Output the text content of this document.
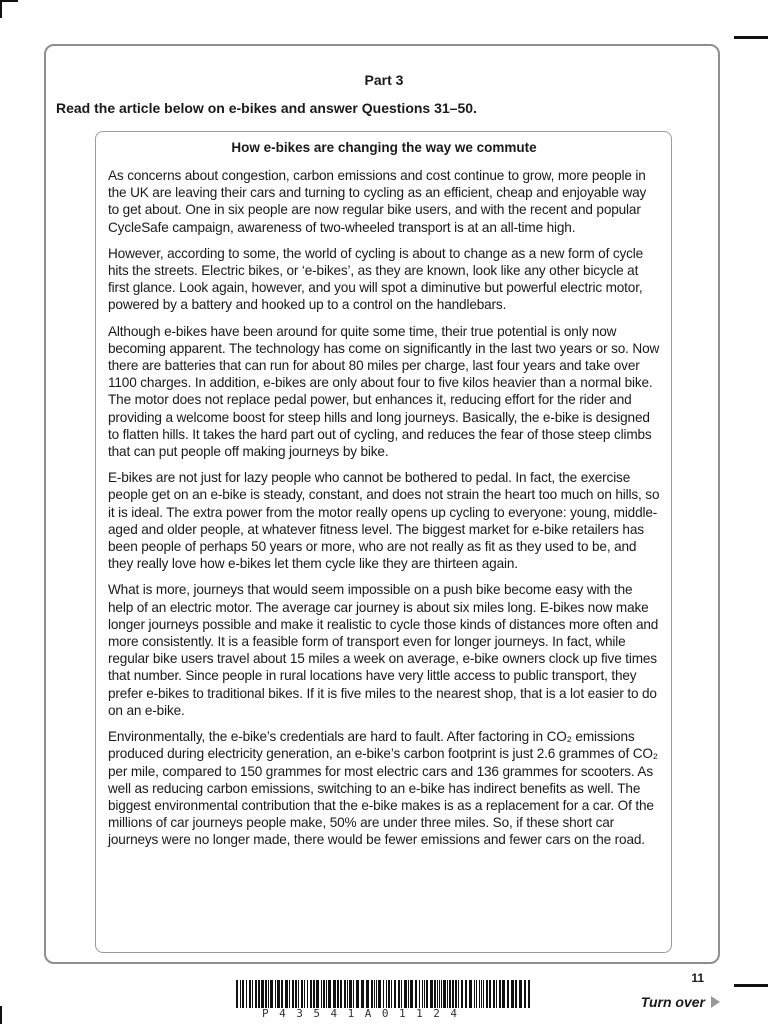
Part 3

Read the article below on e-bikes and answer Questions 31–50.

How e-bikes are changing the way we commute

As concerns about congestion, carbon emissions and cost continue to grow, more people in the UK are leaving their cars and turning to cycling as an efficient, cheap and enjoyable way to get about. One in six people are now regular bike users, and with the recent and popular CycleSafe campaign, awareness of two-wheeled transport is at an all-time high.

However, according to some, the world of cycling is about to change as a new form of cycle hits the streets. Electric bikes, or ‘e-bikes’, as they are known, look like any other bicycle at first glance. Look again, however, and you will spot a diminutive but powerful electric motor, powered by a battery and hooked up to a control on the handlebars.

Although e-bikes have been around for quite some time, their true potential is only now becoming apparent. The technology has come on significantly in the last two years or so. Now there are batteries that can run for about 80 miles per charge, last four years and take over 1100 charges. In addition, e-bikes are only about four to five kilos heavier than a normal bike. The motor does not replace pedal power, but enhances it, reducing effort for the rider and providing a welcome boost for steep hills and long journeys. Basically, the e-bike is designed to flatten hills. It takes the hard part out of cycling, and reduces the fear of those steep climbs that can put people off making journeys by bike.

E-bikes are not just for lazy people who cannot be bothered to pedal. In fact, the exercise people get on an e-bike is steady, constant, and does not strain the heart too much on hills, so it is ideal. The extra power from the motor really opens up cycling to everyone: young, middle-aged and older people, at whatever fitness level. The biggest market for e-bike retailers has been people of perhaps 50 years or more, who are not really as fit as they used to be, and they really love how e-bikes let them cycle like they are thirteen again.

What is more, journeys that would seem impossible on a push bike become easy with the help of an electric motor. The average car journey is about six miles long. E-bikes now make longer journeys possible and make it realistic to cycle those kinds of distances more often and more consistently. It is a feasible form of transport even for longer journeys. In fact, while regular bike users travel about 15 miles a week on average, e-bike owners clock up five times that number. Since people in rural locations have very little access to public transport, they prefer e-bikes to traditional bikes. If it is five miles to the nearest shop, that is a lot easier to do on an e-bike.

Environmentally, the e-bike’s credentials are hard to fault. After factoring in CO₂ emissions produced during electricity generation, an e-bike’s carbon footprint is just 2.6 grammes of CO₂ per mile, compared to 150 grammes for most electric cars and 136 grammes for scooters. As well as reducing carbon emissions, switching to an e-bike has indirect benefits as well. The biggest environmental contribution that the e-bike makes is as a replacement for a car. Of the millions of car journeys people make, 50% are under three miles. So, if these short car journeys were no longer made, there would be fewer emissions and fewer cars on the road.

11
P43541A01124
Turn over
